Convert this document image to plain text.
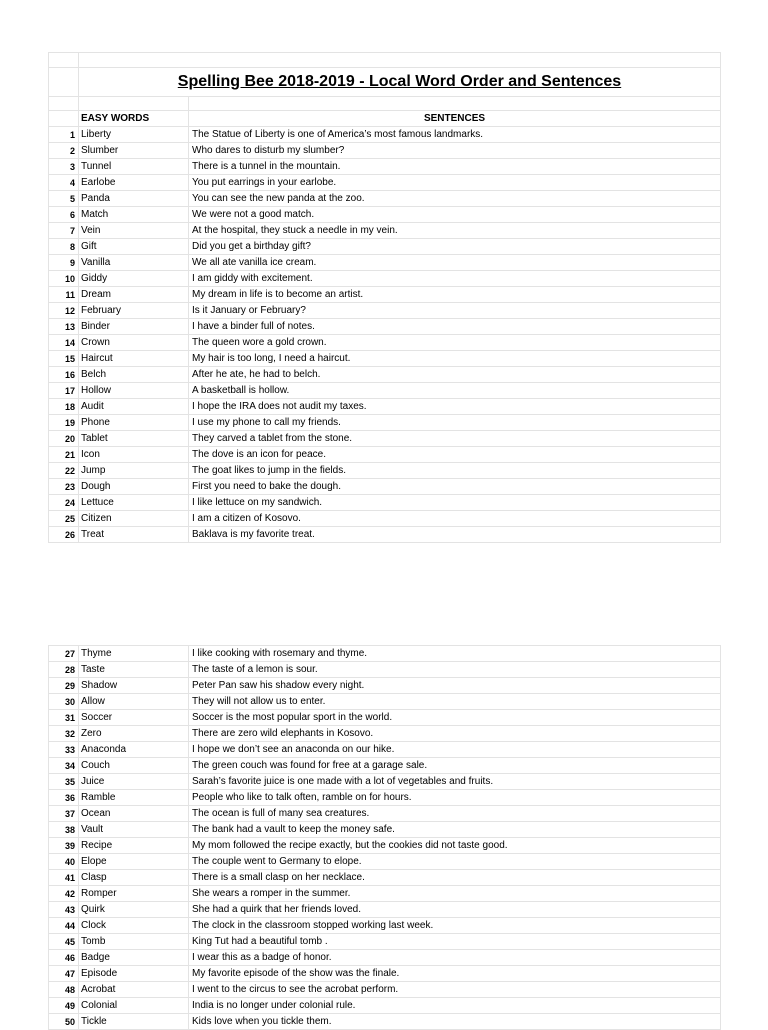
	Spelling Bee 2018-2019 - Local Word Order and Sentences	

	EASY WORDS	SENTENCES
1	Liberty	The Statue of Liberty is one of America’s most famous landmarks.
2	Slumber	Who dares to disturb my slumber?
3	Tunnel	There is a tunnel in the mountain.
4	Earlobe	You put earrings in your earlobe.
5	Panda	You can see the new panda at the zoo.
6	Match	We were not a good match.
7	Vein	At the hospital, they stuck a needle in my vein.
8	Gift	Did you get a birthday gift?
9	Vanilla	We all ate vanilla ice cream.
10	Giddy	I am giddy with excitement.
11	Dream	My dream in life is to become an artist.
12	February	Is it January or February?
13	Binder	I have a binder full of notes.
14	Crown	The queen wore a gold crown.
15	Haircut	My hair is too long, I need a haircut.
16	Belch	After he ate, he had to belch.
17	Hollow	A basketball is hollow.
18	Audit	I hope the IRA does not audit my taxes.
19	Phone	I use my phone to call my friends.
20	Tablet	They carved a tablet from the stone.
21	Icon	The dove is an icon for peace.
22	Jump	The goat likes to jump in the fields.
23	Dough	First you need to bake the dough.
24	Lettuce	I like lettuce on my sandwich.
25	Citizen	I am a citizen of Kosovo.
26	Treat	Baklava is my favorite treat.
27	Thyme	I like cooking with rosemary and thyme.
28	Taste	The taste of a lemon is sour.
29	Shadow	Peter Pan saw his shadow every night.
30	Allow	They will not allow us to enter.
31	Soccer	Soccer is the most popular sport in the world.
32	Zero	There are zero wild elephants in Kosovo.
33	Anaconda	I hope we don’t see an anaconda on our hike.
34	Couch	The green couch was found for free at a garage sale.
35	Juice	Sarah’s favorite juice is one made with a lot of vegetables and fruits.
36	Ramble	People who like to talk often, ramble on for hours.
37	Ocean	The ocean is full of many sea creatures.
38	Vault	The bank had a vault to keep the money safe.
39	Recipe	My mom followed the recipe exactly, but the cookies did not taste good.
40	Elope	The couple went to Germany to elope.
41	Clasp	There is a small clasp on her necklace.
42	Romper	She wears a romper in the summer.
43	Quirk	She had a quirk that her friends loved.
44	Clock	The clock in the classroom stopped working last week.
45	Tomb	King Tut had a beautiful tomb .
46	Badge	I wear this as a badge of honor.
47	Episode	My favorite episode of the show was the finale.
48	Acrobat	I went to the circus to see the acrobat perform.
49	Colonial	India is no longer under colonial rule.
50	Tickle	Kids love when you tickle them.
